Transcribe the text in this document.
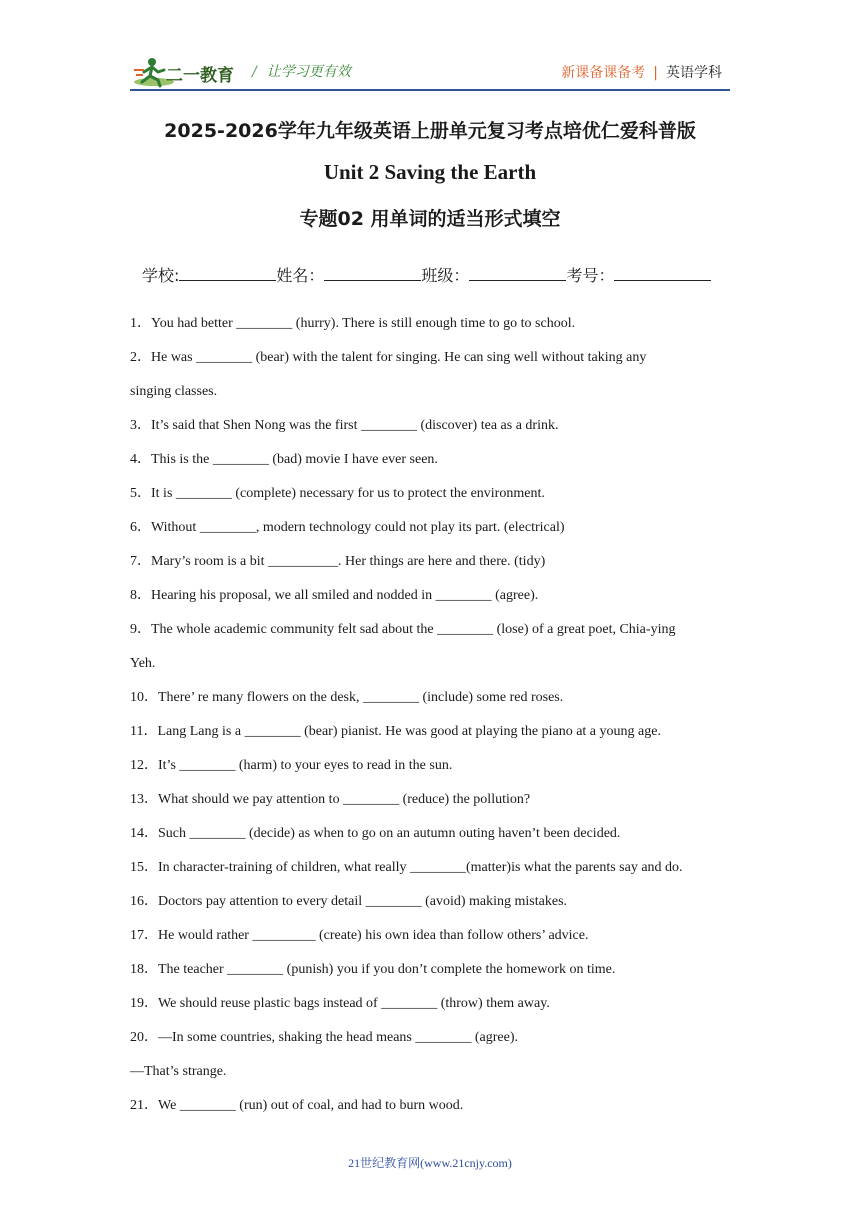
二一教育 / 让学习更有效	新课备课备考 | 英语学科
2025-2026学年九年级英语上册单元复习考点培优仁爱科普版
Unit 2 Saving the Earth
专题02 用单词的适当形式填空
学校:	姓名：	班级：	考号：
1．You had better ________ (hurry). There is still enough time to go to school.
2．He was ________ (bear) with the talent for singing. He can sing well without taking any
singing classes.
3．It’s said that Shen Nong was the first ________ (discover) tea as a drink.
4．This is the ________ (bad) movie I have ever seen.
5．It is ________ (complete) necessary for us to protect the environment.
6．Without ________, modern technology could not play its part. (electrical)
7．Mary’s room is a bit __________. Her things are here and there. (tidy)
8．Hearing his proposal, we all smiled and nodded in ________ (agree).
9．The whole academic community felt sad about the ________ (lose) of a great poet, Chia-ying
Yeh.
10．There’ re many flowers on the desk, ________ (include) some red roses.
11．Lang Lang is a ________ (bear) pianist. He was good at playing the piano at a young age.
12．It’s ________ (harm) to your eyes to read in the sun.
13．What should we pay attention to ________ (reduce) the pollution?
14．Such ________ (decide) as when to go on an autumn outing haven’t been decided.
15．In character-training of children, what really ________(matter)is what the parents say and do.
16．Doctors pay attention to every detail ________ (avoid) making mistakes.
17．He would rather _________ (create) his own idea than follow others’ advice.
18．The teacher ________ (punish) you if you don’t complete the homework on time.
19．We should reuse plastic bags instead of ________ (throw) them away.
20．—In some countries, shaking the head means ________ (agree).
—That’s strange.
21．We ________ (run) out of coal, and had to burn wood.
21世纪教育网(www.21cnjy.com)
